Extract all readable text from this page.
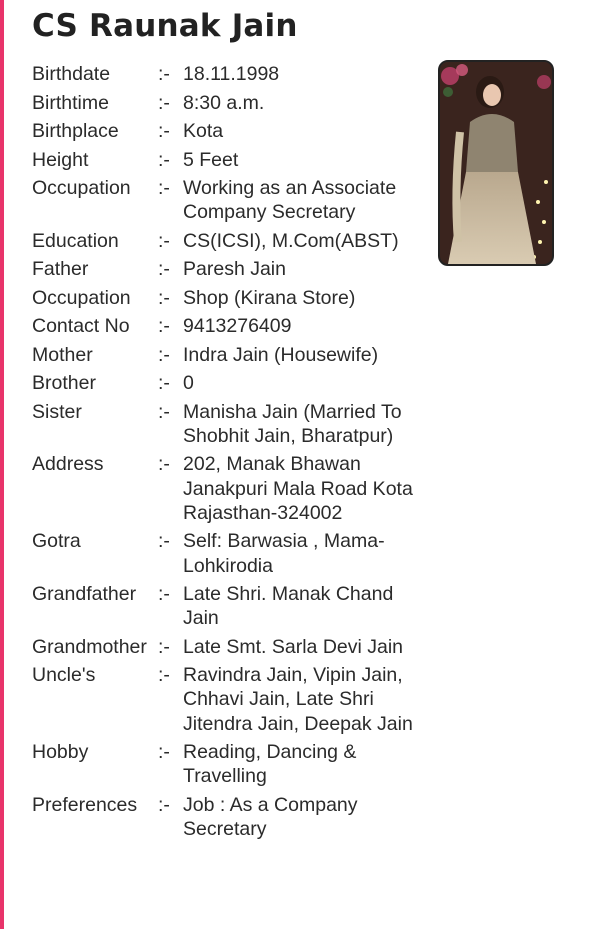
CS Raunak Jain
Birthdate	:- 18.11.1998
Birthtime	:- 8:30 a.m.
Birthplace	:- Kota
Height	:- 5 Feet
Occupation	:- Working as an Associate Company Secretary
Education	:- CS(ICSI), M.Com(ABST)
Father	:- Paresh Jain
Occupation	:- Shop (Kirana Store)
Contact No	:- 9413276409
Mother	:- Indra Jain (Housewife)
Brother	:- 0
Sister	:- Manisha Jain (Married To Shobhit Jain, Bharatpur)
Address	:- 202, Manak Bhawan Janakpuri Mala Road Kota Rajasthan-324002
Gotra	:- Self: Barwasia , Mama- Lohkirodia
Grandfather	:- Late Shri. Manak Chand Jain
Grandmother :- Late Smt. Sarla Devi Jain
Uncle's	:- Ravindra Jain, Vipin Jain, Chhavi Jain, Late Shri Jitendra Jain, Deepak Jain
Hobby	:- Reading, Dancing & Travelling
Preferences	:- Job : As a Company Secretary
